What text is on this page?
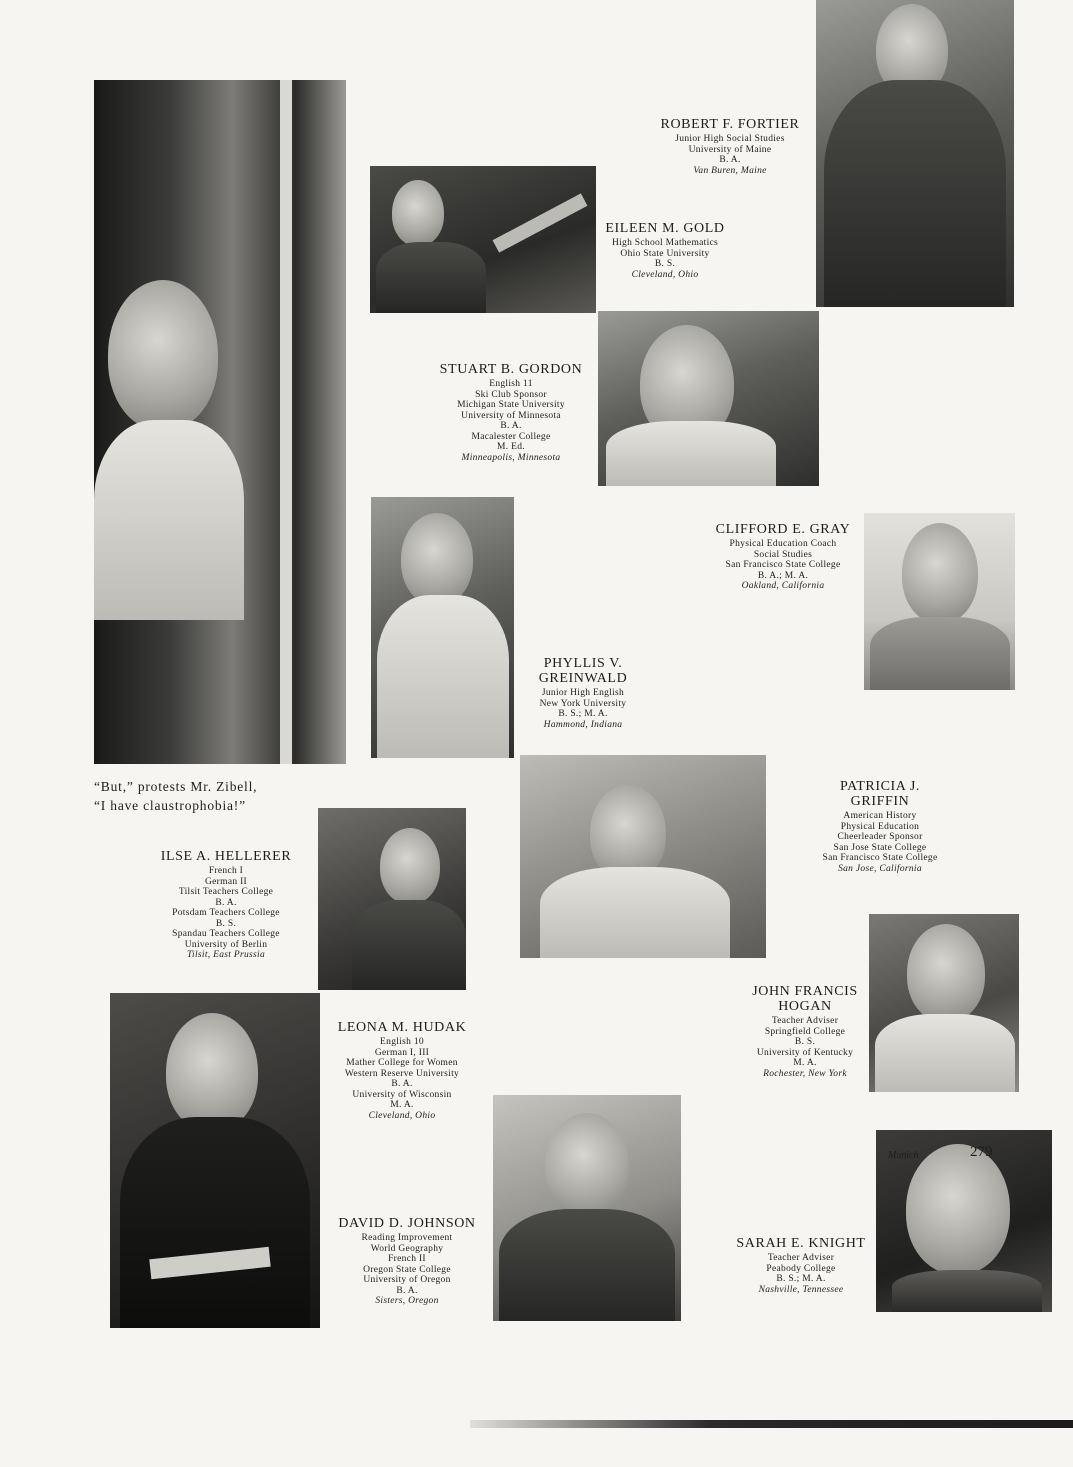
“But,” protests Mr. Zibell,
“I have claustrophobia!”
ROBERT F. FORTIER
Junior High Social Studies
University of Maine
B. A.
Van Buren, Maine
EILEEN M. GOLD
High School Mathematics
Ohio State University
B. S.
Cleveland, Ohio
STUART B. GORDON
English 11
Ski Club Sponsor
Michigan State University
University of Minnesota
B. A.
Macalester College
M. Ed.
Minneapolis, Minnesota
CLIFFORD E. GRAY
Physical Education Coach
Social Studies
San Francisco State College
B. A.; M. A.
Oakland, California
PHYLLIS V.
GREINWALD
Junior High English
New York University
B. S.; M. A.
Hammond, Indiana
PATRICIA J.
GRIFFIN
American History
Physical Education
Cheerleader Sponsor
San Jose State College
San Francisco State College
San Jose, California
ILSE A. HELLERER
French I
German II
Tilsit Teachers College
B. A.
Potsdam Teachers College
B. S.
Spandau Teachers College
University of Berlin
Tilsit, East Prussia
JOHN FRANCIS
HOGAN
Teacher Adviser
Springfield College
B. S.
University of Kentucky
M. A.
Rochester, New York
LEONA M. HUDAK
English 10
German I, III
Mather College for Women
Western Reserve University
B. A.
University of Wisconsin
M. A.
Cleveland, Ohio
DAVID D. JOHNSON
Reading Improvement
World Geography
French II
Oregon State College
University of Oregon
B. A.
Sisters, Oregon
SARAH E. KNIGHT
Teacher Adviser
Peabody College
B. S.; M. A.
Nashville, Tennessee
Munich	279
